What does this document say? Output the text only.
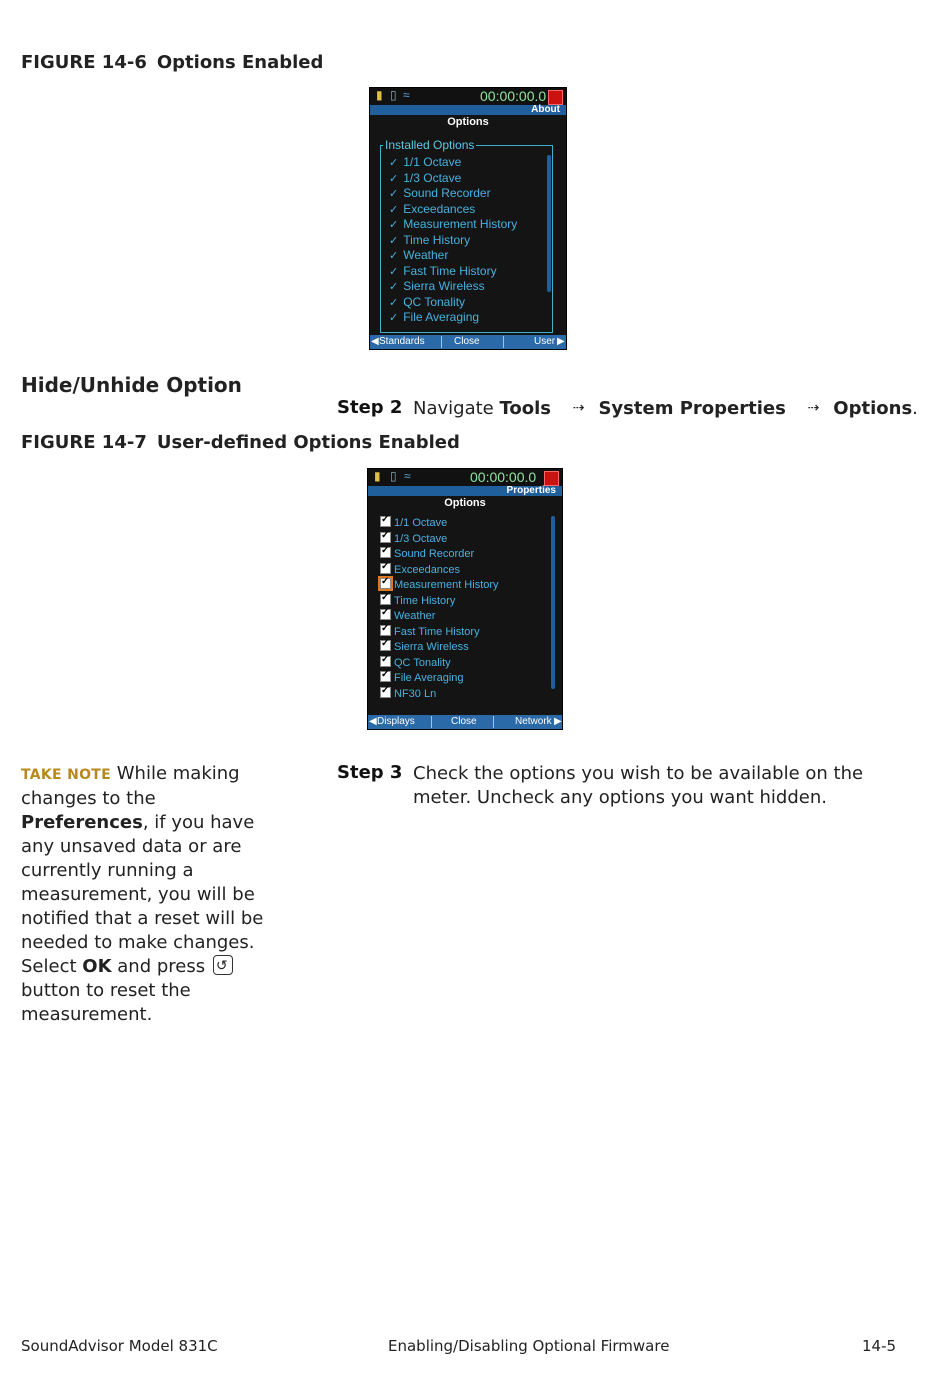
FIGURE 14-6 Options Enabled
▮ ▯ ≈	00:00:00.0
About
Options
Installed Options
✓ 1/1 Octave
✓ 1/3 Octave
✓ Sound Recorder
✓ Exceedances
✓ Measurement History
✓ Time History
✓ Weather
✓ Fast Time History
✓ Sierra Wireless
✓ QC Tonality
✓ File Averaging
◀ Standards	Close	User ▶
Hide/Unhide Option
Step 2 Navigate Tools ⇢ System Properties ⇢ Options.
FIGURE 14-7 User-defined Options Enabled
▮ ▯ ≈	00:00:00.0
Properties
Options
✓1/1 Octave
✓1/3 Octave
✓Sound Recorder
✓Exceedances
✓Measurement History
✓Time History
✓Weather
✓Fast Time History
✓Sierra Wireless
✓QC Tonality
✓File Averaging
✓NF30 Ln
◀ Displays	Close	Network ▶
TAKE NOTE While making changes to the Preferences, if you have any unsaved data or are currently running a measurement, you will be notified that a reset will be needed to make changes. Select OK and press ↺ button to reset the measurement.
Step 3 Check the options you wish to be available on the meter. Uncheck any options you want hidden.
SoundAdvisor Model 831C	Enabling/Disabling Optional Firmware	14-5
